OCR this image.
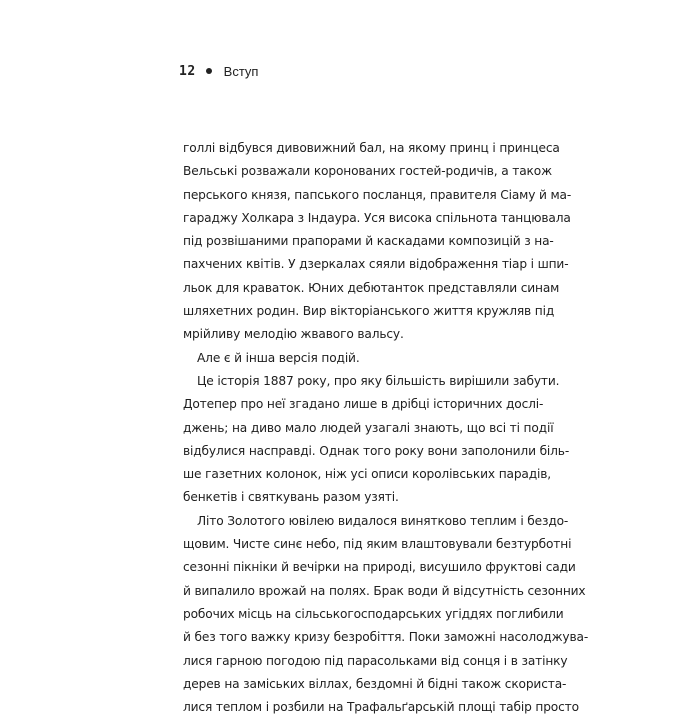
12 Вступ
голлі відбувся дивовижний бал, на якому принц і принцеса
Вельські розважали коронованих гостей-родичів, а також
перського князя, папського посланця, правителя Сіаму й ма-
гараджу Холкара з Індаура. Уся висока спільнота танцювала
під розвішаними прапорами й каскадами композицій з на-
пахчених квітів. У дзеркалах сяяли відображення тіар і шпи-
льок для краваток. Юних дебютанток представляли синам
шляхетних родин. Вир вікторіанського життя кружляв під
мрійливу мелодію жвавого вальсу.
Але є й інша версія подій.
Це історія 1887 року, про яку більшість вирішили забути.
Дотепер про неї згадано лише в дрібці історичних дослі-
джень; на диво мало людей узагалі знають, що всі ті події
відбулися насправді. Однак того року вони заполонили біль-
ше газетних колонок, ніж усі описи королівських парадів,
бенкетів і святкувань разом узяті.
Літо Золотого ювілею видалося винятково теплим і бездо-
щовим. Чисте синє небо, під яким влаштовували безтурботні
сезонні пікніки й вечірки на природі, висушило фруктові сади
й випалило врожай на полях. Брак води й відсутність сезонних
робочих місць на сільськогосподарських угіддях поглибили
й без того важку кризу безробіття. Поки заможні насолоджува-
лися гарною погодою під парасольками від сонця і в затінку
дерев на заміських віллах, бездомні й бідні також скориста-
лися теплом і розбили на Трафальґарській площі табір просто
